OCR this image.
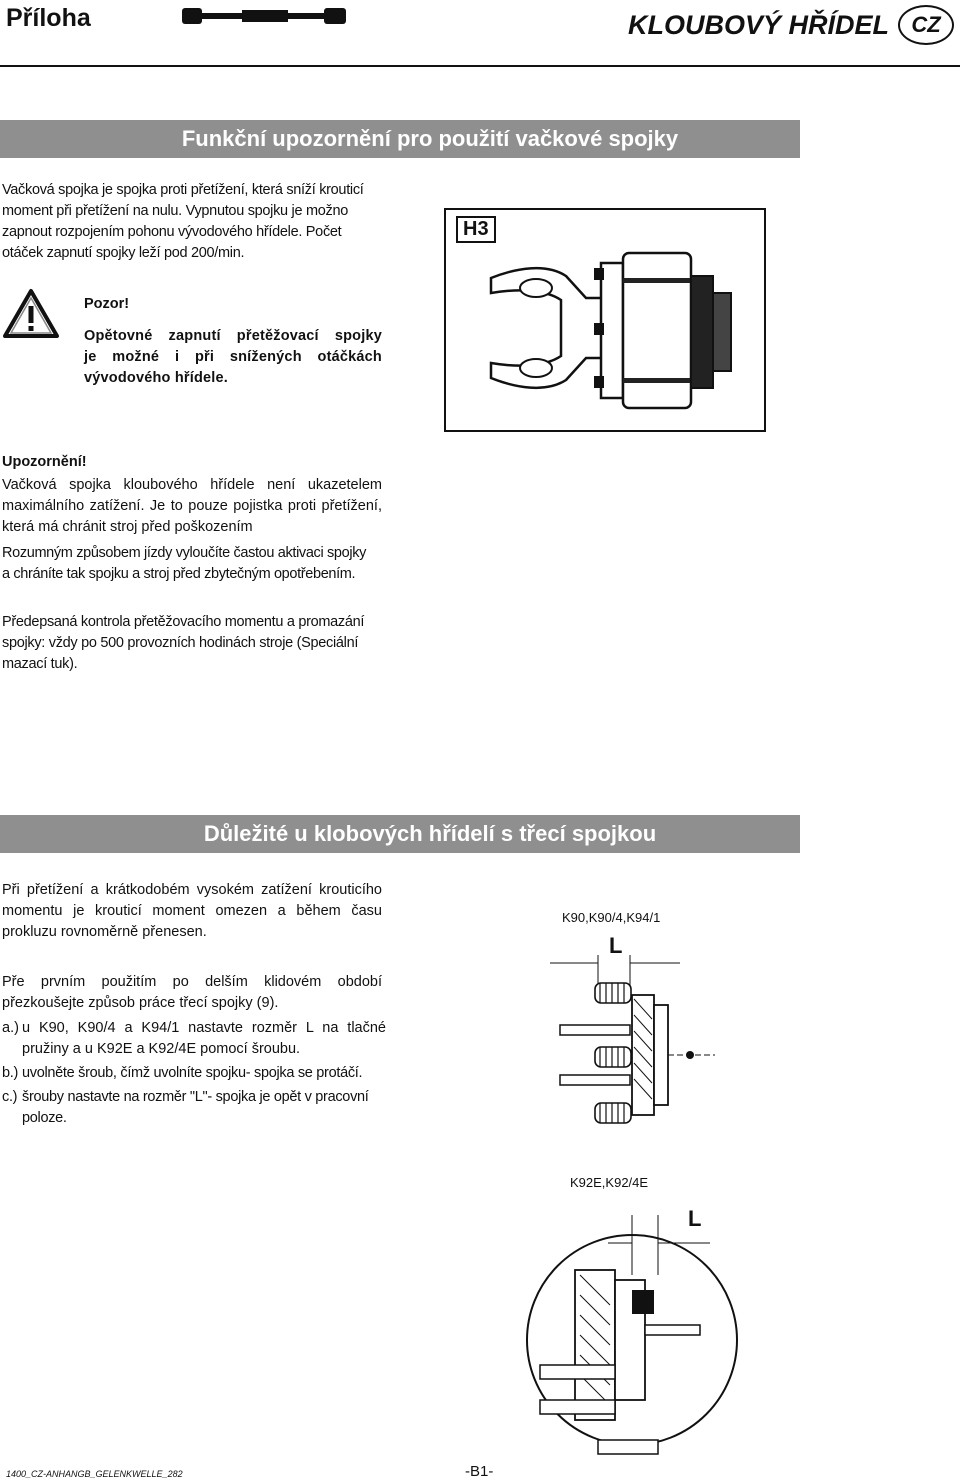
Příloha	KLOUBOVÝ HŘÍDEL	CZ
Funkční upozornění pro použití vačkové spojky
Vačková spojka je spojka proti přetížení, která sníží krouticí
moment při přetížení na nulu. Vypnutou spojku je možno
zapnout rozpojením pohonu vývodového hřídele. Počet
otáček zapnutí spojky leží pod 200/min.
Pozor!
Opětovné zapnutí přetěžovací spojky
je možné i při snížených otáčkách
vývodového hřídele.
H3
Upozornění!
Vačková spojka kloubového hřídele není ukazetelem
maximálního zatížení. Je to pouze pojistka proti přetížení,
která má chránit stroj před poškozením
Rozumným způsobem jízdy vyloučíte častou aktivaci spojky
a chráníte tak spojku a stroj před zbytečným opotřebením.
Předepsaná kontrola přetěžovacího momentu a promazání
spojky: vždy po 500 provozních hodinách stroje (Speciální
mazací tuk).
Důležité u klobových hřídelí s třecí spojkou
Při přetížení a krátkodobém vysokém zatížení krouticího
momentu je krouticí moment omezen a během času
prokluzu rovnoměrně přenesen.
Pře prvním použitím po delším klidovém období
přezkoušejte způsob práce třecí spojky (9).
a.) u K90, K90/4 a K94/1 nastavte rozměr L na tlačné
pružiny a u K92E a K92/4E pomocí šroubu.
b.) uvolněte šroub, čímž uvolníte spojku- spojka se protáčí.
c.) šrouby nastavte na rozměr "L"- spojka je opět v pracovní
poloze.
K90,K90/4,K94/1
L
K92E,K92/4E
L
1400_CZ-ANHANGB_GELENKWELLE_282	-B1-
